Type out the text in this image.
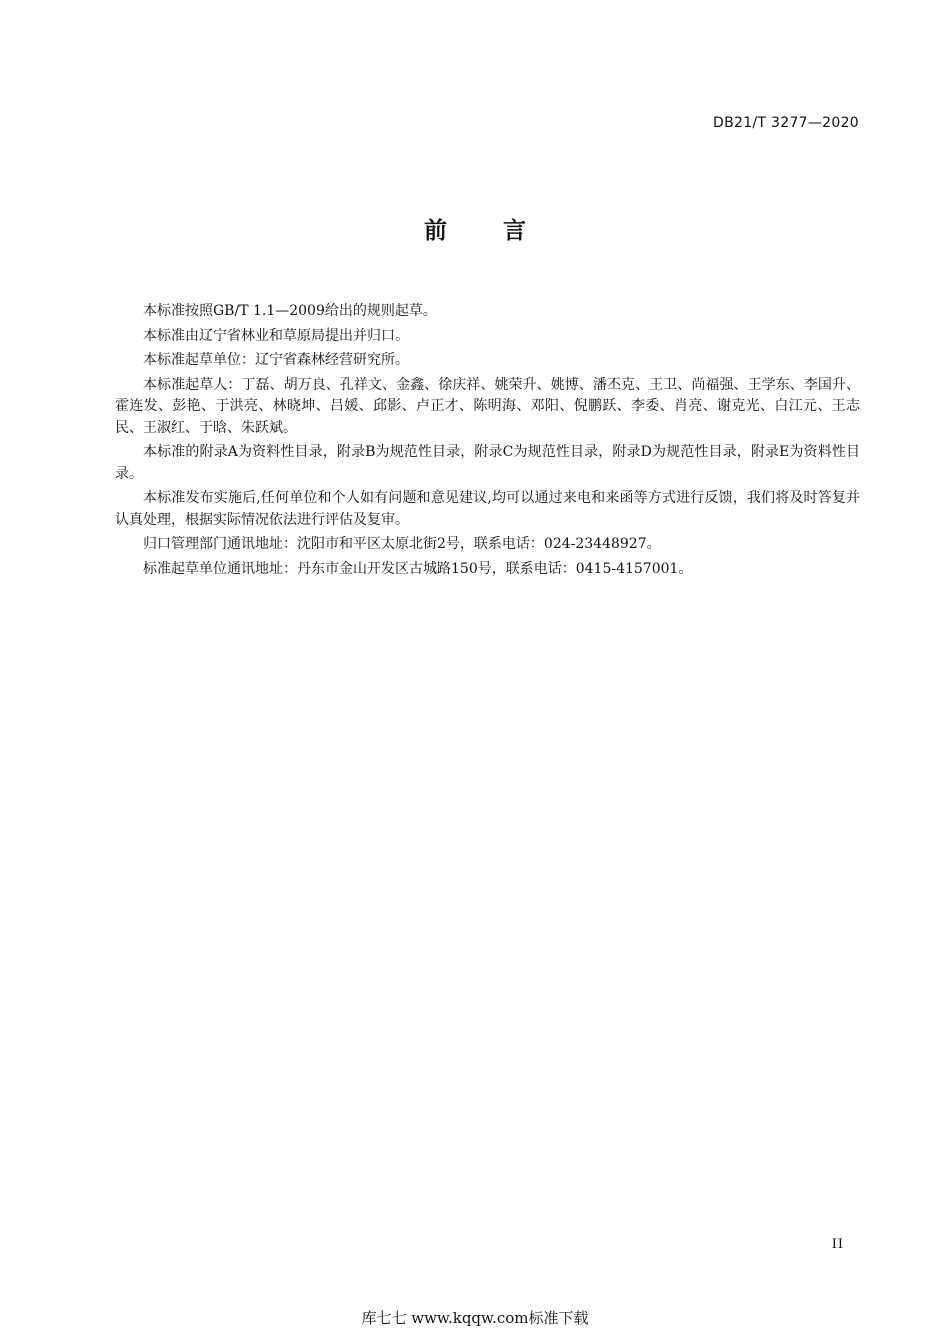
DB21/T 3277—2020
前言

本标准按照GB/T 1.1—2009给出的规则起草。

本标准由辽宁省林业和草原局提出并归口。

本标准起草单位：辽宁省森林经营研究所。

本标准起草人：丁磊、胡万良、孔祥文、金鑫、徐庆祥、姚荣升、姚博、潘丕克、王卫、尚福强、王学东、李国升、霍连发、彭艳、于洪亮、林晓坤、吕媛、邱影、卢正才、陈明海、邓阳、倪鹏跃、李委、肖亮、谢克光、白江元、王志民、王淑红、于晗、朱跃斌。

本标准的附录A为资料性目录，附录B为规范性目录，附录C为规范性目录，附录D为规范性目录，附录E为资料性目录。

本标准发布实施后,任何单位和个人如有问题和意见建议,均可以通过来电和来函等方式进行反馈，我们将及时答复并认真处理，根据实际情况依法进行评估及复审。

归口管理部门通讯地址：沈阳市和平区太原北街2号，联系电话：024-23448927。

标准起草单位通讯地址：丹东市金山开发区古城路150号，联系电话：0415-4157001。

II
库七七 www.kqqw.com标准下载
